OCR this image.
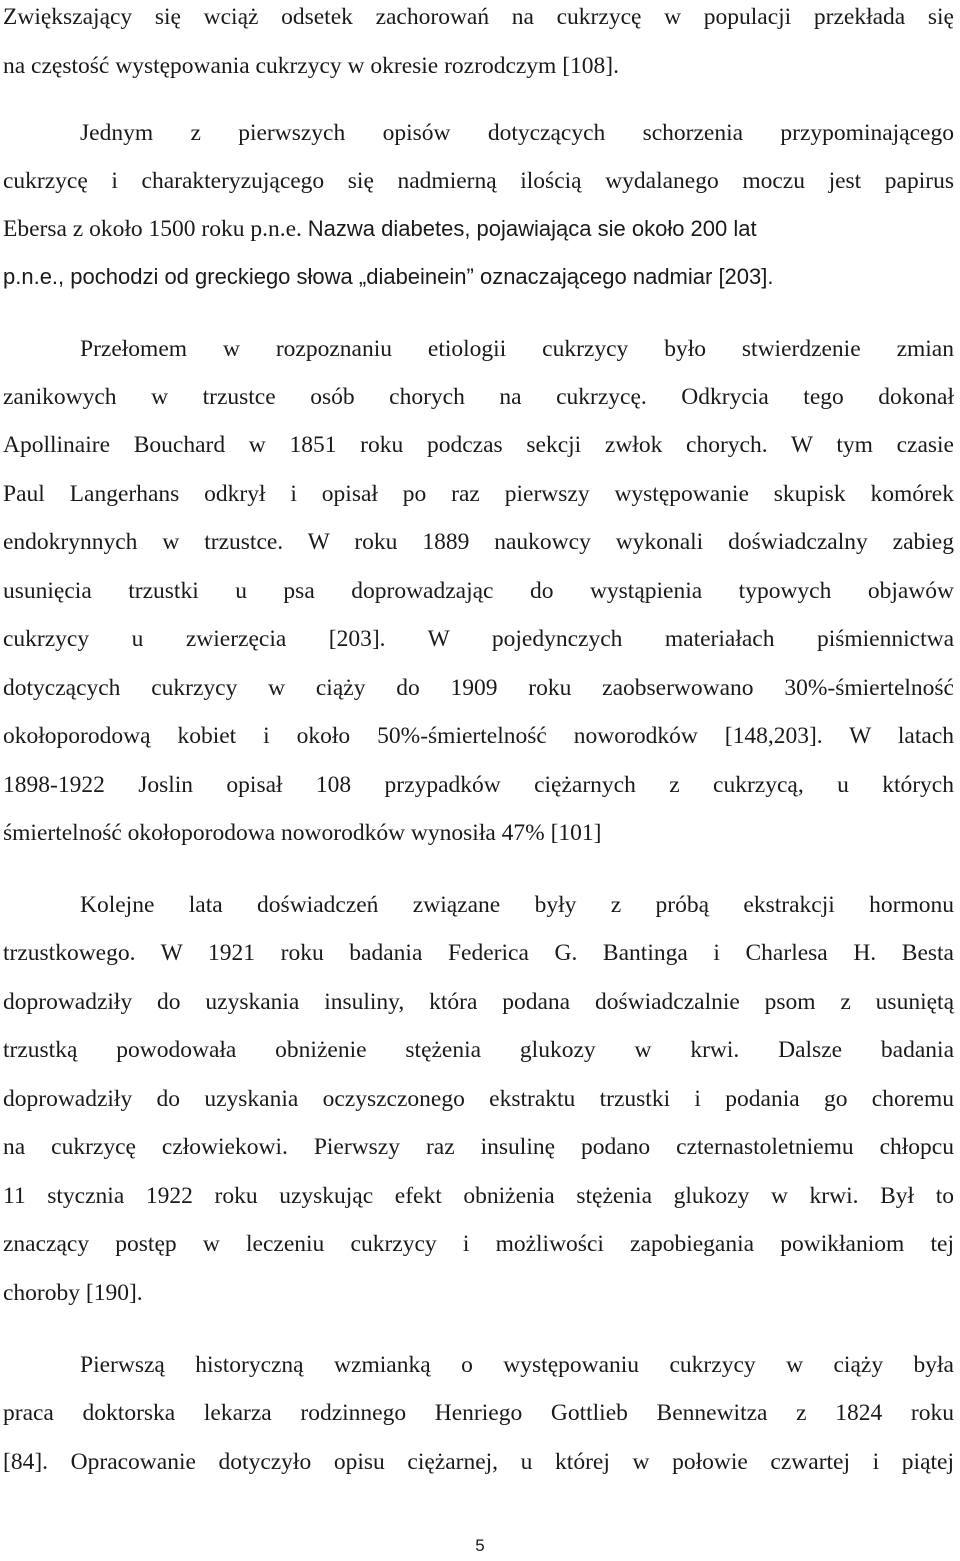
Zwiększający się wciąż odsetek zachorowań na cukrzycę w populacji przekłada się
na częstość występowania cukrzycy w okresie rozrodczym [108].
Jednym z pierwszych opisów dotyczących schorzenia przypominającego
cukrzycę i charakteryzującego się nadmierną ilością wydalanego moczu jest papirus
Ebersa z około 1500 roku p.n.e. Nazwa diabetes, pojawiająca sie około 200 lat
p.n.e., pochodzi od greckiego słowa „diabeinein” oznaczającego nadmiar [203].
Przełomem w rozpoznaniu etiologii cukrzycy było stwierdzenie zmian
zanikowych w trzustce osób chorych na cukrzycę. Odkrycia tego dokonał
Apollinaire Bouchard w 1851 roku podczas sekcji zwłok chorych. W tym czasie
Paul Langerhans odkrył i opisał po raz pierwszy występowanie skupisk komórek
endokrynnych w trzustce. W roku 1889 naukowcy wykonali doświadczalny zabieg
usunięcia trzustki u psa doprowadzając do wystąpienia typowych objawów
cukrzycy u zwierzęcia [203]. W pojedynczych materiałach piśmiennictwa
dotyczących cukrzycy w ciąży do 1909 roku zaobserwowano 30%-śmiertelność
okołoporodową kobiet i około 50%-śmiertelność noworodków [148,203]. W latach
1898-1922 Joslin opisał 108 przypadków ciężarnych z cukrzycą, u których
śmiertelność okołoporodowa noworodków wynosiła 47% [101]
Kolejne lata doświadczeń związane były z próbą ekstrakcji hormonu
trzustkowego. W 1921 roku badania Federica G. Bantinga i Charlesa H. Besta
doprowadziły do uzyskania insuliny, która podana doświadczalnie psom z usuniętą
trzustką powodowała obniżenie stężenia glukozy w krwi. Dalsze badania
doprowadziły do uzyskania oczyszczonego ekstraktu trzustki i podania go choremu
na cukrzycę człowiekowi. Pierwszy raz insulinę podano czternastoletniemu chłopcu
11 stycznia 1922 roku uzyskując efekt obniżenia stężenia glukozy w krwi. Był to
znaczący postęp w leczeniu cukrzycy i możliwości zapobiegania powikłaniom tej
choroby [190].
Pierwszą historyczną wzmianką o występowaniu cukrzycy w ciąży była
praca doktorska lekarza rodzinnego Henriego Gottlieb Bennewitza z 1824 roku
[84]. Opracowanie dotyczyło opisu ciężarnej, u której w połowie czwartej i piątej
5
